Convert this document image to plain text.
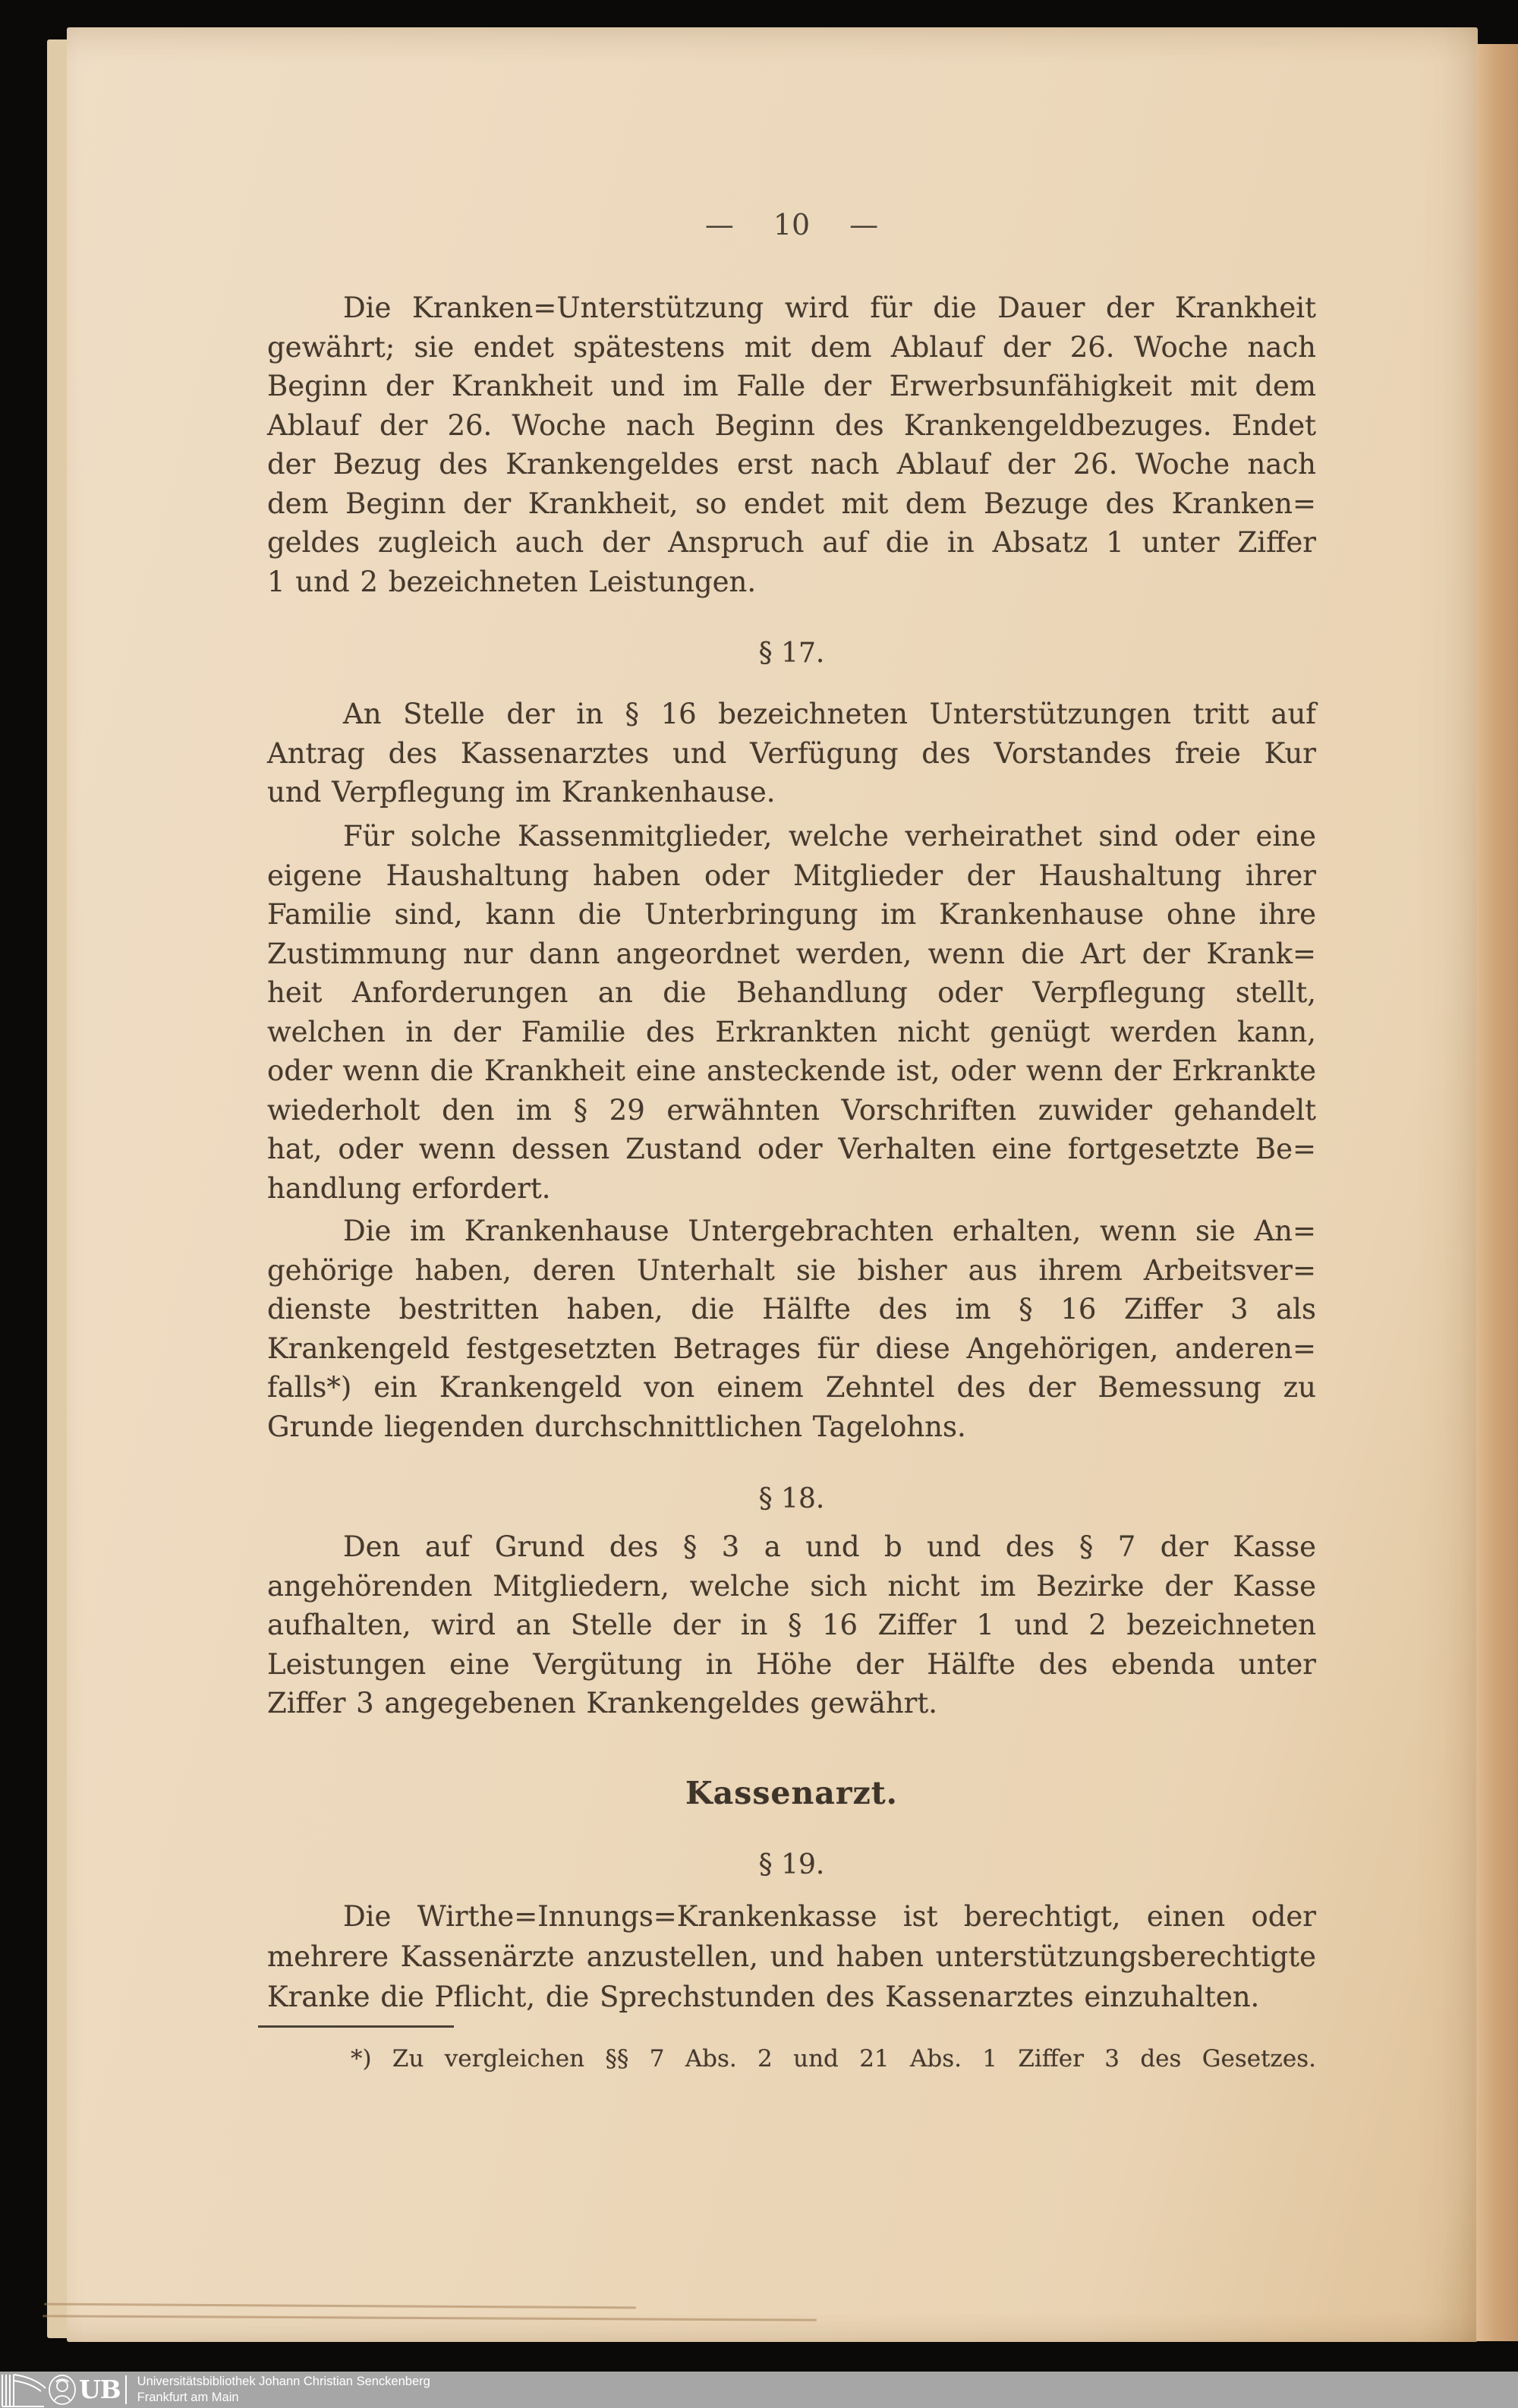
— 10 —
Die Kranken=Unterstützung wird für die Dauer der Krankheit
gewährt; sie endet spätestens mit dem Ablauf der 26. Woche nach
Beginn der Krankheit und im Falle der Erwerbsunfähigkeit mit dem
Ablauf der 26. Woche nach Beginn des Krankengeldbezuges. Endet
der Bezug des Krankengeldes erst nach Ablauf der 26. Woche nach
dem Beginn der Krankheit, so endet mit dem Bezuge des Kranken=
geldes zugleich auch der Anspruch auf die in Absatz 1 unter Ziffer
1 und 2 bezeichneten Leistungen.
§ 17.
An Stelle der in § 16 bezeichneten Unterstützungen tritt auf
Antrag des Kassenarztes und Verfügung des Vorstandes freie Kur
und Verpflegung im Krankenhause.
Für solche Kassenmitglieder, welche verheirathet sind oder eine
eigene Haushaltung haben oder Mitglieder der Haushaltung ihrer
Familie sind, kann die Unterbringung im Krankenhause ohne ihre
Zustimmung nur dann angeordnet werden, wenn die Art der Krank=
heit Anforderungen an die Behandlung oder Verpflegung stellt,
welchen in der Familie des Erkrankten nicht genügt werden kann,
oder wenn die Krankheit eine ansteckende ist, oder wenn der Erkrankte
wiederholt den im § 29 erwähnten Vorschriften zuwider gehandelt
hat, oder wenn dessen Zustand oder Verhalten eine fortgesetzte Be=
handlung erfordert.
Die im Krankenhause Untergebrachten erhalten, wenn sie An=
gehörige haben, deren Unterhalt sie bisher aus ihrem Arbeitsver=
dienste bestritten haben, die Hälfte des im § 16 Ziffer 3 als
Krankengeld festgesetzten Betrages für diese Angehörigen, anderen=
falls*) ein Krankengeld von einem Zehntel des der Bemessung zu
Grunde liegenden durchschnittlichen Tagelohns.
§ 18.
Den auf Grund des § 3 a und b und des § 7 der Kasse
angehörenden Mitgliedern, welche sich nicht im Bezirke der Kasse
aufhalten, wird an Stelle der in § 16 Ziffer 1 und 2 bezeichneten
Leistungen eine Vergütung in Höhe der Hälfte des ebenda unter
Ziffer 3 angegebenen Krankengeldes gewährt.
Kassenarzt.
§ 19.
Die Wirthe=Innungs=Krankenkasse ist berechtigt, einen oder
mehrere Kassenärzte anzustellen, und haben unterstützungsberechtigte
Kranke die Pflicht, die Sprechstunden des Kassenarztes einzuhalten.
*) Zu vergleichen §§ 7 Abs. 2 und 21 Abs. 1 Ziffer 3 des Gesetzes.
UB Universitätsbibliothek Johann Christian Senckenberg
Frankfurt am Main
